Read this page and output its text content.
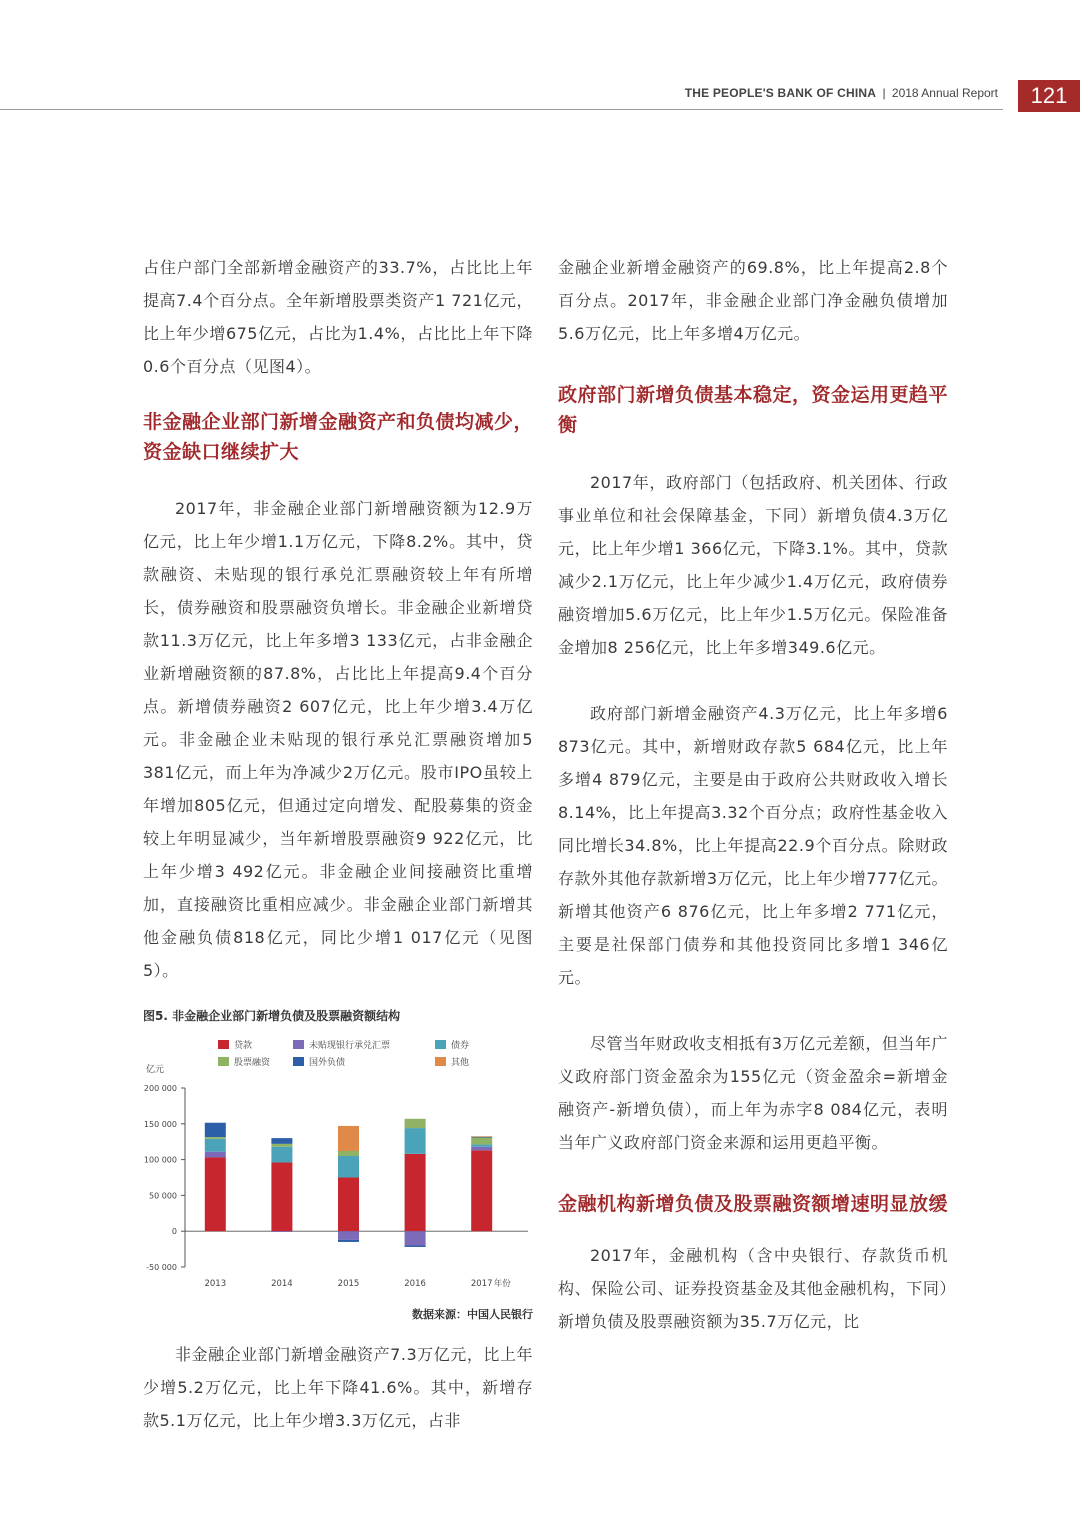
THE PEOPLE'S BANK OF CHINA | 2018 Annual Report	121

占住户部门全部新增金融资产的33.7%，占比比上年提高7.4个百分点。全年新增股票类资产1 721亿元，比上年少增675亿元，占比为1.4%，占比比上年下降0.6个百分点（见图4）。

非金融企业部门新增金融资产和负债均减少，资金缺口继续扩大

2017年，非金融企业部门新增融资额为12.9万亿元，比上年少增1.1万亿元，下降8.2%。其中，贷款融资、未贴现的银行承兑汇票融资较上年有所增长，债券融资和股票融资负增长。非金融企业新增贷款11.3万亿元，比上年多增3 133亿元，占非金融企业新增融资额的87.8%，占比比上年提高9.4个百分点。新增债券融资2 607亿元，比上年少增3.4万亿元。非金融企业未贴现的银行承兑汇票融资增加5 381亿元，而上年为净减少2万亿元。股市IPO虽较上年增加805亿元，但通过定向增发、配股募集的资金较上年明显减少，当年新增股票融资9 922亿元，比上年少增3 492亿元。非金融企业间接融资比重增加，直接融资比重相应减少。非金融企业部门新增其他金融负债818亿元，同比少增1 017亿元（见图5）。

图5. 非金融企业部门新增负债及股票融资额结构

贷款	未贴现银行承兑汇票	债券
股票融资	国外负债	其他
亿元
-50 000
0
50 000
100 000
150 000
200 000
2013	2014	2015	2016	2017 年份

数据来源：中国人民银行

非金融企业部门新增金融资产7.3万亿元，比上年少增5.2万亿元，比上年下降41.6%。其中，新增存款5.1万亿元，比上年少增3.3万亿元，占非

金融企业新增金融资产的69.8%，比上年提高2.8个百分点。2017年，非金融企业部门净金融负债增加5.6万亿元，比上年多增4万亿元。

政府部门新增负债基本稳定，资金运用更趋平衡

2017年，政府部门（包括政府、机关团体、行政事业单位和社会保障基金，下同）新增负债4.3万亿元，比上年少增1 366亿元，下降3.1%。其中，贷款减少2.1万亿元，比上年少减少1.4万亿元，政府债券融资增加5.6万亿元，比上年少1.5万亿元。保险准备金增加8 256亿元，比上年多增349.6亿元。

政府部门新增金融资产4.3万亿元，比上年多增6 873亿元。其中，新增财政存款5 684亿元，比上年多增4 879亿元，主要是由于政府公共财政收入增长8.14%，比上年提高3.32个百分点；政府性基金收入同比增长34.8%，比上年提高22.9个百分点。除财政存款外其他存款新增3万亿元，比上年少增777亿元。新增其他资产6 876亿元，比上年多增2 771亿元，主要是社保部门债券和其他投资同比多增1 346亿元。

尽管当年财政收支相抵有3万亿元差额，但当年广义政府部门资金盈余为155亿元（资金盈余=新增金融资产-新增负债），而上年为赤字8 084亿元，表明当年广义政府部门资金来源和运用更趋平衡。

金融机构新增负债及股票融资额增速明显放缓

2017年，金融机构（含中央银行、存款货币机构、保险公司、证券投资基金及其他金融机构，下同）新增负债及股票融资额为35.7万亿元，比
